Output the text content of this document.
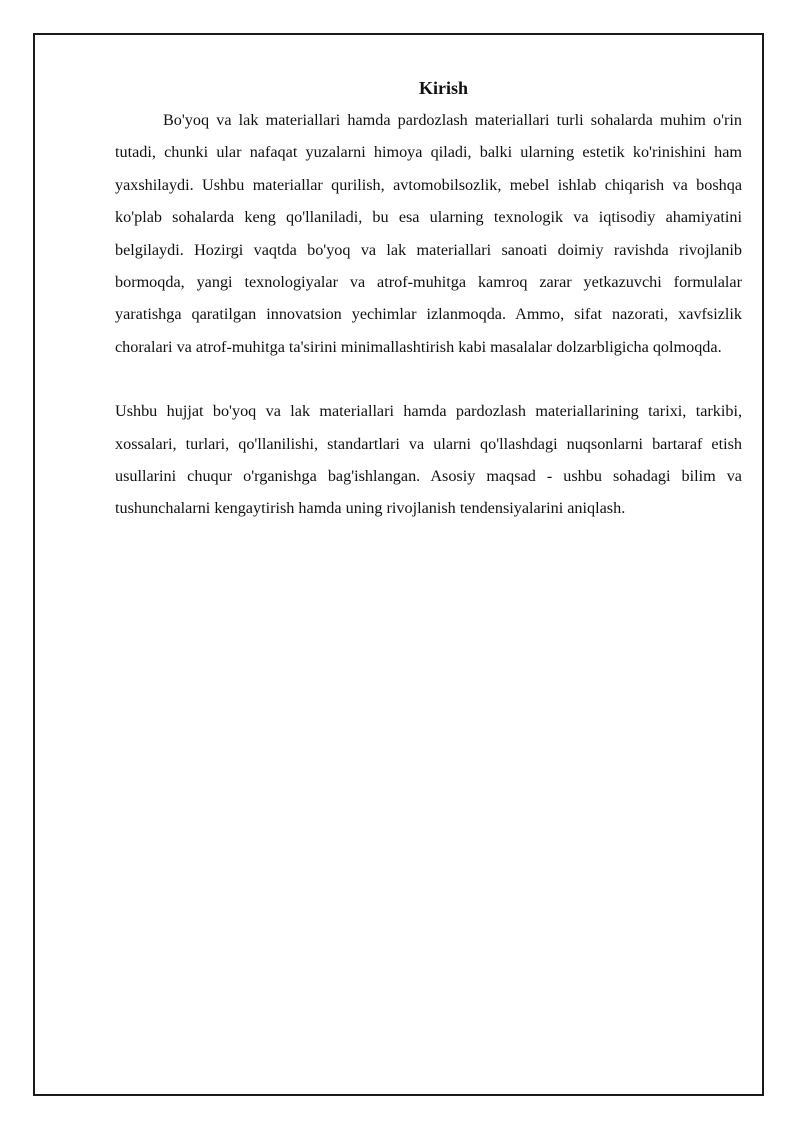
Kirish

Bo'yoq va lak materiallari hamda pardozlash materiallari turli sohalarda muhim o'rin tutadi, chunki ular nafaqat yuzalarni himoya qiladi, balki ularning estetik ko'rinishini ham yaxshilaydi. Ushbu materiallar qurilish, avtomobilsozlik, mebel ishlab chiqarish va boshqa ko'plab sohalarda keng qo'llaniladi, bu esa ularning texnologik va iqtisodiy ahamiyatini belgilaydi. Hozirgi vaqtda bo'yoq va lak materiallari sanoati doimiy ravishda rivojlanib bormoqda, yangi texnologiyalar va atrof-muhitga kamroq zarar yetkazuvchi formulalar yaratishga qaratilgan innovatsion yechimlar izlanmoqda. Ammo, sifat nazorati, xavfsizlik choralari va atrof-muhitga ta'sirini minimallashtirish kabi masalalar dolzarbligicha qolmoqda.

Ushbu hujjat bo'yoq va lak materiallari hamda pardozlash materiallarining tarixi, tarkibi, xossalari, turlari, qo'llanilishi, standartlari va ularni qo'llashdagi nuqsonlarni bartaraf etish usullarini chuqur o'rganishga bag'ishlangan. Asosiy maqsad - ushbu sohadagi bilim va tushunchalarni kengaytirish hamda uning rivojlanish tendensiyalarini aniqlash.
